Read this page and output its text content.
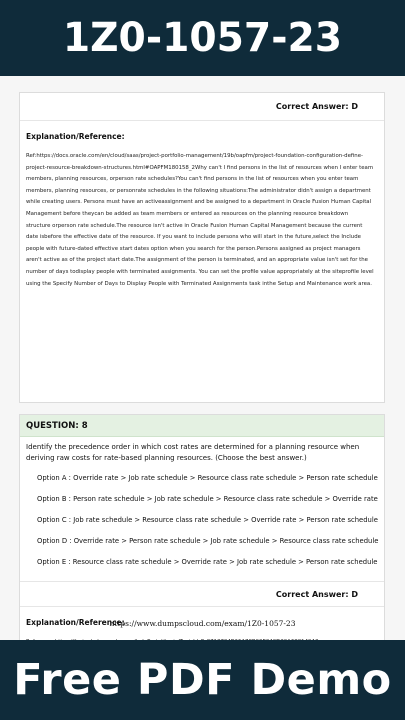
1Z0-1057-23
Correct Answer: D
Explanation/Reference:
Ref:https://docs.oracle.com/en/cloud/saas/project-portfolio-management/19b/oapfm/project-foundation-configuration-define-project-resource-breakdown-structures.html#OAPFM180158_2Why can't I find persons in the list of resources when I enter team members, planning resources, orperson rate schedules?You can't find persons in the list of resources when you enter team members, planning resources, or personrate schedules in the following situations:The administrator didn't assign a department while creating users. Persons must have an activeassignment and be assigned to a department in Oracle Fusion Human Capital Management before theycan be added as team members or entered as resources on the planning resource breakdown structure orperson rate schedule.The resource isn't active in Oracle Fusion Human Capital Management because the current date isbefore the effective date of the resource. If you want to include persons who will start in the future,select the Include people with future-dated effective start dates option when you search for the person.Persons assigned as project managers aren't active as of the project start date.The assignment of the person is terminated, and an appropriate value isn't set for the number of days todisplay people with terminated assignments. You can set the profile value appropriately at the siteprofile level using the Specify Number of Days to Display People with Terminated Assignments task inthe Setup and Maintenance work area.
QUESTION: 8
Identify the precedence order in which cost rates are determined for a planning resource when deriving raw costs for rate-based planning resources. (Choose the best answer.)
Option A : Override rate > Job rate schedule > Resource class rate schedule > Person rate schedule
Option B : Person rate schedule > Job rate schedule > Resource class rate schedule > Override rate
Option C : Job rate schedule > Resource class rate schedule > Override rate > Person rate schedule
Option D : Override rate > Person rate schedule > Job rate schedule > Resource class rate schedule
Option E : Resource class rate schedule > Override rate > Job rate schedule > Person rate schedule
Correct Answer: D
Explanation/Reference:
https://www.dumpscloud.com/exam/1Z0-1057-23
Free PDF Demo
